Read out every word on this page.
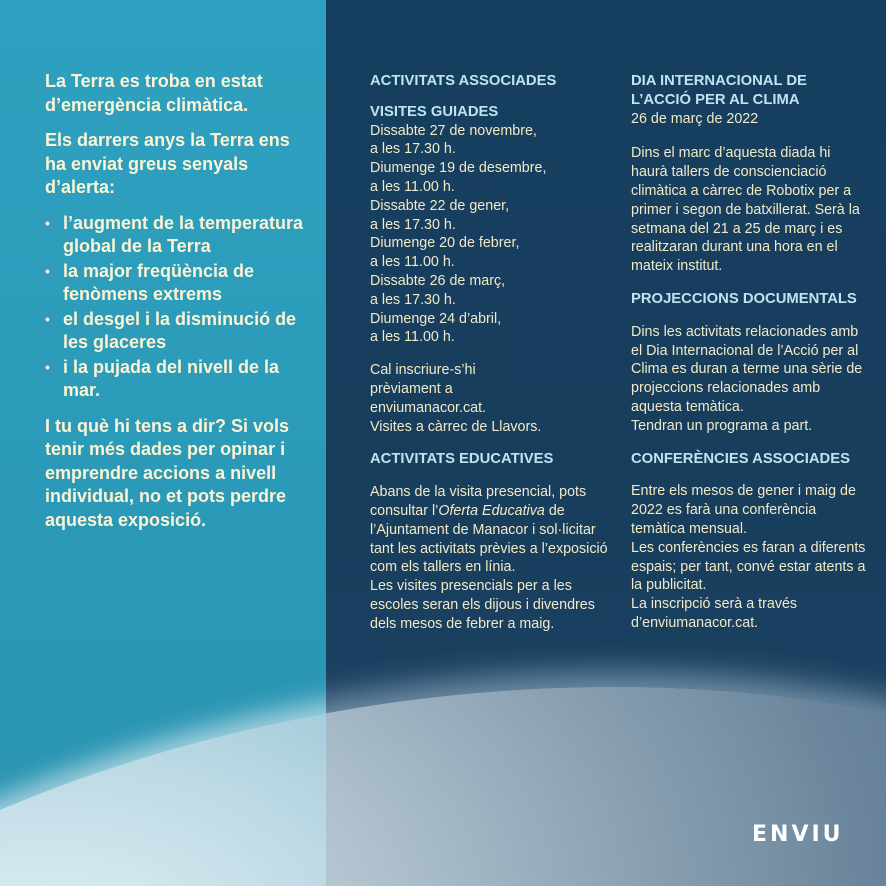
La Terra es troba en estat d’emergència climàtica.

Els darrers anys la Terra ens ha enviat greus senyals d’alerta:

• l’augment de la temperatura global de la Terra
• la major freqüència de fenòmens extrems
• el desgel i la disminució de les glaceres
• i la pujada del nivell de la mar.

I tu què hi tens a dir? Si vols tenir més dades per opinar i emprendre accions a nivell individual, no et pots perdre aquesta exposició.

ACTIVITATS ASSOCIADES
VISITES GUIADES

Dissabte 27 de novembre,

a les 17.30 h.

Diumenge 19 de desembre,

a les 11.00 h.

Dissabte 22 de gener,

a les 17.30 h.

Diumenge 20 de febrer,

a les 11.00 h.

Dissabte 26 de març,

a les 17.30 h.

Diumenge 24 d’abril,

a les 11.00 h.

Cal inscriure-s’hi

prèviament a

enviumanacor.cat.

Visites a càrrec de Llavors.

ACTIVITATS EDUCATIVES

Abans de la visita presencial, pots consultar l’Oferta Educativa de l’Ajuntament de Manacor i sol·licitar tant les activitats prèvies a l’exposició com els tallers en línia.

Les visites presencials per a les escoles seran els dijous i divendres dels mesos de febrer a maig.

DIA INTERNACIONAL DE L’ACCIÓ PER AL CLIMA

26 de març de 2022

Dins el marc d’aquesta diada hi haurà tallers de conscienciació climàtica a càrrec de Robotix per a primer i segon de batxillerat. Serà la setmana del 21 a 25 de març i es realitzaran durant una hora en el mateix institut.

PROJECCIONS DOCUMENTALS

Dins les activitats relacionades amb el Dia Internacional de l’Acció per al Clima es duran a terme una sèrie de projeccions relacionades amb aquesta temàtica.

Tendran un programa a part.

CONFERÈNCIES ASSOCIADES

Entre els mesos de gener i maig de 2022 es farà una conferència temàtica mensual.

Les conferències es faran a diferents espais; per tant, convé estar atents a la publicitat.

La inscripció serà a través d’enviumanacor.cat.

ENVIU
